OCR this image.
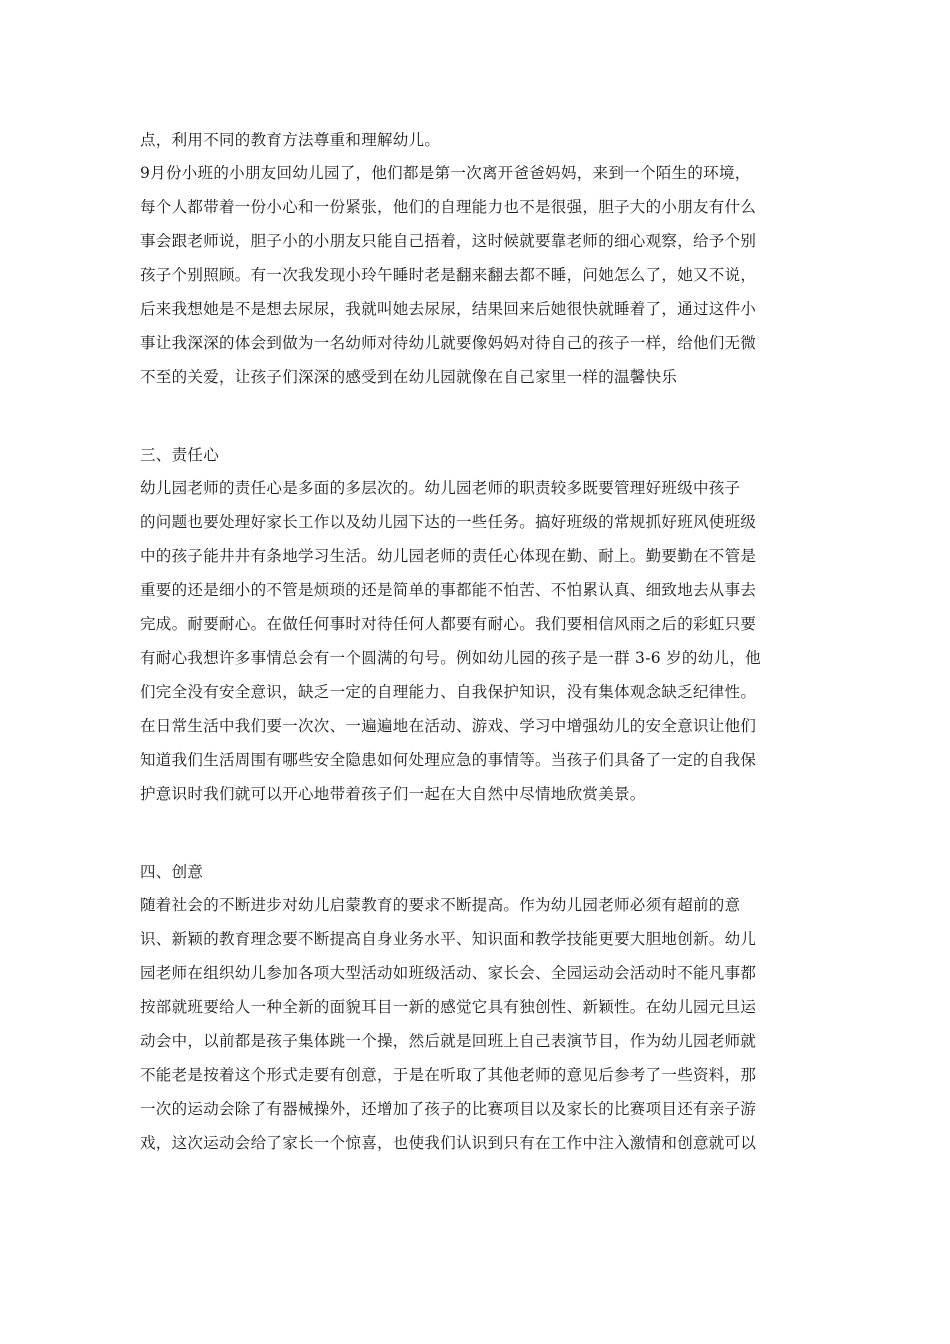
点，利用不同的教育方法尊重和理解幼儿。
9月份小班的小朋友回幼儿园了，他们都是第一次离开爸爸妈妈，来到一个陌生的环境，
每个人都带着一份小心和一份紧张，他们的自理能力也不是很强，胆子大的小朋友有什么
事会跟老师说，胆子小的小朋友只能自己捂着，这时候就要靠老师的细心观察，给予个别
孩子个别照顾。有一次我发现小玲午睡时老是翻来翻去都不睡，问她怎么了，她又不说，
后来我想她是不是想去尿尿，我就叫她去尿尿，结果回来后她很快就睡着了，通过这件小
事让我深深的体会到做为一名幼师对待幼儿就要像妈妈对待自己的孩子一样，给他们无微
不至的关爱，让孩子们深深的感受到在幼儿园就像在自己家里一样的温馨快乐
三、责任心
幼儿园老师的责任心是多面的多层次的。幼儿园老师的职责较多既要管理好班级中孩子
的问题也要处理好家长工作以及幼儿园下达的一些任务。搞好班级的常规抓好班风使班级
中的孩子能井井有条地学习生活。幼儿园老师的责任心体现在勤、耐上。勤要勤在不管是
重要的还是细小的不管是烦琐的还是简单的事都能不怕苦、不怕累认真、细致地去从事去
完成。耐要耐心。在做任何事时对待任何人都要有耐心。我们要相信风雨之后的彩虹只要
有耐心我想许多事情总会有一个圆满的句号。例如幼儿园的孩子是一群 3-6 岁的幼儿，他
们完全没有安全意识，缺乏一定的自理能力、自我保护知识，没有集体观念缺乏纪律性。
在日常生活中我们要一次次、一遍遍地在活动、游戏、学习中增强幼儿的安全意识让他们
知道我们生活周围有哪些安全隐患如何处理应急的事情等。当孩子们具备了一定的自我保
护意识时我们就可以开心地带着孩子们一起在大自然中尽情地欣赏美景。
四、创意
随着社会的不断进步对幼儿启蒙教育的要求不断提高。作为幼儿园老师必须有超前的意
识、新颖的教育理念要不断提高自身业务水平、知识面和教学技能更要大胆地创新。幼儿
园老师在组织幼儿参加各项大型活动如班级活动、家长会、全园运动会活动时不能凡事都
按部就班要给人一种全新的面貌耳目一新的感觉它具有独创性、新颖性。在幼儿园元旦运
动会中，以前都是孩子集体跳一个操，然后就是回班上自己表演节目，作为幼儿园老师就
不能老是按着这个形式走要有创意，于是在听取了其他老师的意见后参考了一些资料，那
一次的运动会除了有器械操外，还增加了孩子的比赛项目以及家长的比赛项目还有亲子游
戏，这次运动会给了家长一个惊喜，也使我们认识到只有在工作中注入激情和创意就可以
